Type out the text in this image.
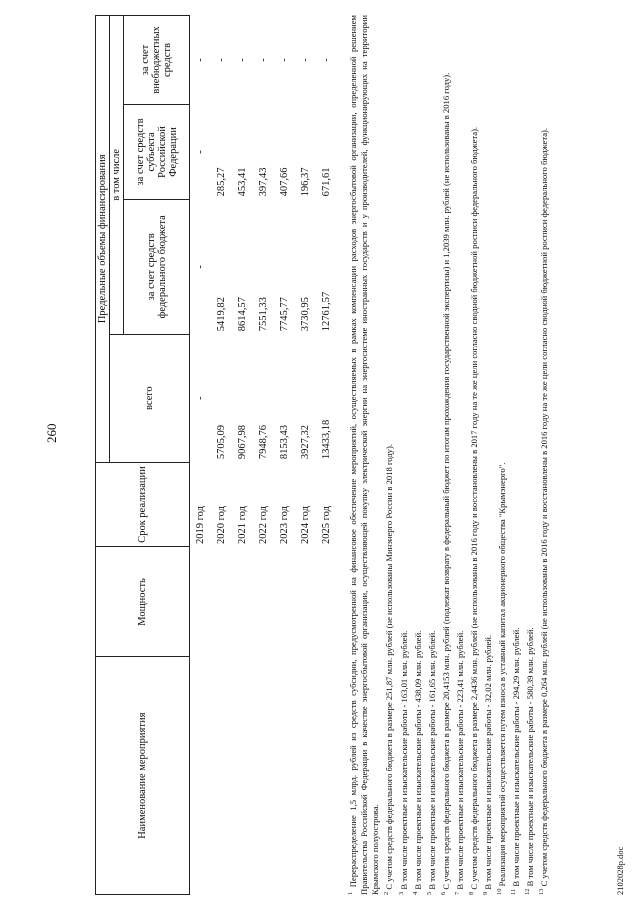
260
Наименование мероприятия	Мощность	Срок реализации	Предельные объемы финансирования			
			всего	в том числе		
				за счет средств федерального бюджета	за счет средств субъекта Российской Федерации	за счет внебюджетных средств
		2019 год	-	-	-	-
		2020 год	5705,09	5419,82	285,27	-
		2021 год	9067,98	8614,57	453,41	-
		2022 год	7948,76	7551,33	397,43	-
		2023 год	8153,43	7745,77	407,66	-
		2024 год	3927,32	3730,95	196,37	-
		2025 год	13433,18	12761,57	671,61	-

$^1$ Перераспределение 1,5 млрд. рублей из средств субсидии, предусмотренной на финансовое обеспечение мероприятий, осуществляемых в рамках компенсации расходов энергосбытовой организации, определенной решением Правительства Российской Федерации в качестве энергосбытовой организации, осуществляющей покупку электрической энергии на энергосистеме иностранных государств и у производителей, функционирующих на территории Крымского полуострова. $^2$ С учетом средств федерального бюджета в размере 251,87 млн. рублей (не использованы Минэнерго России в 2018 году).

$^3$ В том числе проектные и изыскательские работы - 163,01 млн. рублей.

$^4$ В том числе проектные и изыскательские работы - 438,09 млн. рублей.

$^5$ В том числе проектные и изыскательские работы - 161,65 млн. рублей.

$^6$ С учетом средств федерального бюджета в размере 20,4153 млн. рублей (подлежат возврату в федеральный бюджет по итогам прохождения государственной экспертизы) и 1,2039 млн. рублей (не использованы в 2016 году).

$^7$ В том числе проектные и изыскательские работы - 223,41 млн. рублей.

$^8$ С учетом средств федерального бюджета в размере 2,4436 млн. рублей (не использованы в 2016 году и восстановлены в 2017 году на те же цели согласно сводной бюджетной росписи федерального бюджета).

$^9$ В том числе проектные и изыскательские работы - 32,02 млн. рублей.

$^{10}$ Реализация мероприятий осуществляется путем взноса в уставный капитал акционерного общества "Крымэнерго".

$^{11}$ В том числе проектные и изыскательские работы - 294,29 млн. рублей.

$^{12}$ В том числе проектные и изыскательские работы - 580,39 млн. рублей.

$^{13}$ С учетом средств федерального бюджета в размере 0,264 млн. рублей (не использованы в 2016 году и восстановлены в 2016 году на те же цели согласно сводной бюджетной росписи федерального бюджета).	2102028р.doc
